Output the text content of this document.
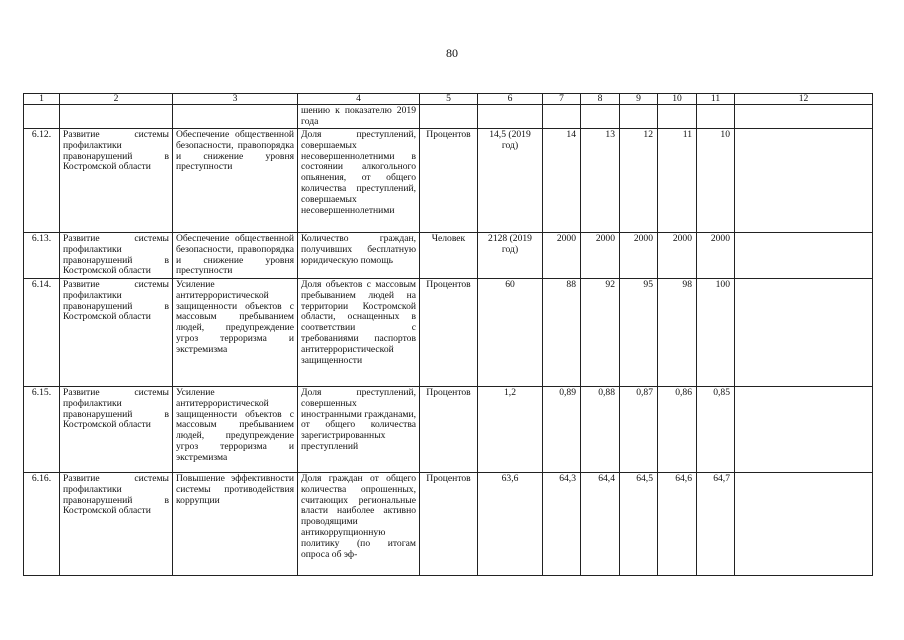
80
1	2	3	4	5	6	7	8	9	10	11	12
			шению к показателю 2019 года								
6.12.	Развитие системы профилактики правонарушений в Костромской области	Обеспечение общественной безопасности, правопорядка и снижение уровня преступности	Доля преступлений, совершаемых несовершеннолетними в состоянии алкогольного опьянения, от общего количества преступлений, совершаемых несовершеннолетними	Процентов	14,5 (2019 год)	14	13	12	11	10	
6.13.	Развитие системы профилактики правонарушений в Костромской области	Обеспечение общественной безопасности, правопорядка и снижение уровня преступности	Количество граждан, получивших бесплатную юридическую помощь	Человек	2128 (2019 год)	2000	2000	2000	2000	2000	
6.14.	Развитие системы профилактики правонарушений в Костромской области	Усиление антитеррористической защищенности объектов с массовым пребыванием людей, предупреждение угроз терроризма и экстремизма	Доля объектов с массовым пребыванием людей на территории Костромской области, оснащенных в соответствии с требованиями паспортов антитеррористической защищенности	Процентов	60	88	92	95	98	100	
6.15.	Развитие системы профилактики правонарушений в Костромской области	Усиление антитеррористической защищенности объектов с массовым пребыванием людей, предупреждение угроз терроризма и экстремизма	Доля преступлений, совершенных иностранными гражданами, от общего количества зарегистрированных преступлений	Процентов	1,2	0,89	0,88	0,87	0,86	0,85	
6.16.	Развитие системы профилактики правонарушений в Костромской области	Повышение эффективности системы противодействия коррупции	Доля граждан от общего количества опрошенных, считающих региональные власти наиболее активно проводящими антикоррупционную политику (по итогам опроса об эф-	Процентов	63,6	64,3	64,4	64,5	64,6	64,7	
